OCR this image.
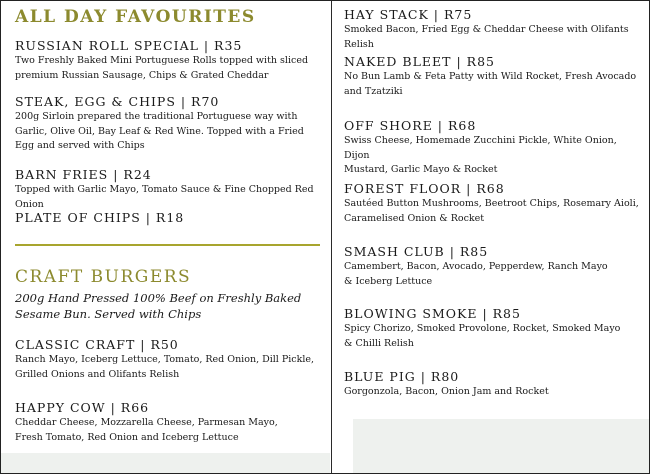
ALL DAY FAVOURITES
RUSSIAN ROLL SPECIAL | R35
Two Freshly Baked Mini Portuguese Rolls topped with sliced
premium Russian Sausage, Chips & Grated Cheddar
STEAK, EGG & CHIPS | R70
200g Sirloin prepared the traditional Portuguese way with
Garlic, Olive Oil, Bay Leaf & Red Wine. Topped with a Fried
Egg and served with Chips
BARN FRIES | R24
Topped with Garlic Mayo, Tomato Sauce & Fine Chopped Red Onion
PLATE OF CHIPS | R18
CRAFT BURGERS
200g Hand Pressed 100% Beef on Freshly Baked
Sesame Bun. Served with Chips
CLASSIC CRAFT | R50
Ranch Mayo, Iceberg Lettuce, Tomato, Red Onion, Dill Pickle,
Grilled Onions and Olifants Relish
HAPPY COW | R66
Cheddar Cheese, Mozzarella Cheese, Parmesan Mayo,
Fresh Tomato, Red Onion and Iceberg Lettuce
HAY STACK | R75
Smoked Bacon, Fried Egg & Cheddar Cheese with Olifants Relish
NAKED BLEET | R85
No Bun Lamb & Feta Patty with Wild Rocket, Fresh Avocado
and Tzatziki
OFF SHORE | R68
Swiss Cheese, Homemade Zucchini Pickle, White Onion, Dijon
Mustard, Garlic Mayo & Rocket
FOREST FLOOR | R68
Sautéed Button Mushrooms, Beetroot Chips, Rosemary Aioli,
Caramelised Onion & Rocket
SMASH CLUB | R85
Camembert, Bacon, Avocado, Pepperdew, Ranch Mayo
& Iceberg Lettuce
BLOWING SMOKE | R85
Spicy Chorizo, Smoked Provolone, Rocket, Smoked Mayo
& Chilli Relish
BLUE PIG | R80
Gorgonzola, Bacon, Onion Jam and Rocket
